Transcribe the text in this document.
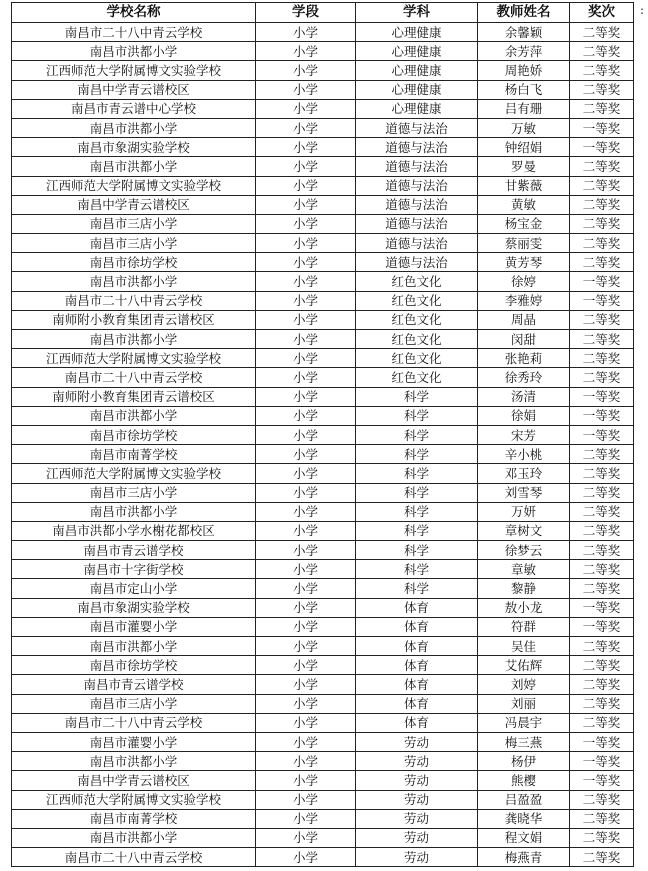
学校名称	学段	学科	教师姓名	奖次
南昌市二十八中青云学校	小学	心理健康	余馨颖	二等奖
南昌市洪都小学	小学	心理健康	余芳萍	二等奖
江西师范大学附属博文实验学校	小学	心理健康	周艳娇	二等奖
南昌中学青云谱校区	小学	心理健康	杨白飞	二等奖
南昌市青云谱中心学校	小学	心理健康	吕有珊	二等奖
南昌市洪都小学	小学	道德与法治	万敏	一等奖
南昌市象湖实验学校	小学	道德与法治	钟绍娟	一等奖
南昌市洪都小学	小学	道德与法治	罗曼	二等奖
江西师范大学附属博文实验学校	小学	道德与法治	甘紫薇	二等奖
南昌中学青云谱校区	小学	道德与法治	黄敏	二等奖
南昌市三店小学	小学	道德与法治	杨宝金	二等奖
南昌市三店小学	小学	道德与法治	蔡丽雯	二等奖
南昌市徐坊学校	小学	道德与法治	黄芳琴	二等奖
南昌市洪都小学	小学	红色文化	徐婷	一等奖
南昌市二十八中青云学校	小学	红色文化	李雅婷	一等奖
南师附小教育集团青云谱校区	小学	红色文化	周晶	二等奖
南昌市洪都小学	小学	红色文化	闵甜	二等奖
江西师范大学附属博文实验学校	小学	红色文化	张艳莉	二等奖
南昌市二十八中青云学校	小学	红色文化	徐秀玲	二等奖
南师附小教育集团青云谱校区	小学	科学	汤清	一等奖
南昌市洪都小学	小学	科学	徐娟	一等奖
南昌市徐坊学校	小学	科学	宋芳	一等奖
南昌市南菁学校	小学	科学	辛小桃	二等奖
江西师范大学附属博文实验学校	小学	科学	邓玉玲	二等奖
南昌市三店小学	小学	科学	刘雪琴	二等奖
南昌市洪都小学	小学	科学	万妍	二等奖
南昌市洪都小学水榭花都校区	小学	科学	章树文	二等奖
南昌市青云谱学校	小学	科学	徐梦云	二等奖
南昌市十字街学校	小学	科学	章敏	二等奖
南昌市定山小学	小学	科学	黎静	二等奖
南昌市象湖实验学校	小学	体育	敖小龙	一等奖
南昌市灌婴小学	小学	体育	符群	一等奖
南昌市洪都小学	小学	体育	吴佳	二等奖
南昌市徐坊学校	小学	体育	艾佑辉	二等奖
南昌市青云谱学校	小学	体育	刘婷	二等奖
南昌市三店小学	小学	体育	刘丽	二等奖
南昌市二十八中青云学校	小学	体育	冯晨宇	二等奖
南昌市灌婴小学	小学	劳动	梅三燕	一等奖
南昌市洪都小学	小学	劳动	杨伊	一等奖
南昌中学青云谱校区	小学	劳动	熊樱	一等奖
江西师范大学附属博文实验学校	小学	劳动	吕盈盈	二等奖
南昌市南菁学校	小学	劳动	龚晓华	二等奖
南昌市洪都小学	小学	劳动	程文娟	二等奖
南昌市二十八中青云学校	小学	劳动	梅燕青	二等奖
:
